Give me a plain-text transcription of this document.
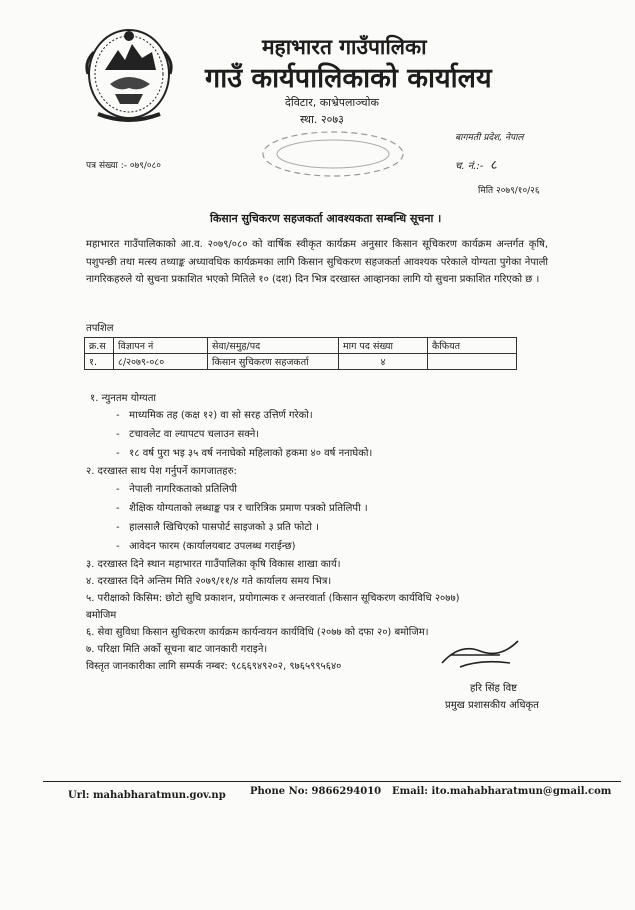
महाभारत गाउँपालिका
गाउँ कार्यपालिकाको कार्यालय
देविटार, काभ्रेपलाञ्चोक
स्था. २०७३
बागमती प्रदेश, नेपाल
पत्र संख्या :- ०७९/०८०	च. नं.:- ८
मिति २०७९/१०/२६
किसान सुचिकरण सहजकर्ता आवश्यकता सम्बन्धि सूचना ।
महाभारत गाउँपालिकाको आ.व. २०७९/०८० को वार्षिक स्वीकृत कार्यक्रम अनुसार किसान सूचिकरण कार्यक्रम अन्तर्गत कृषि, पशुपन्छी तथा मत्स्य तथ्याङ्क अध्यावधिक कार्यक्रमका लागि किसान सुचिकरण सहजकर्ता आवश्यक परेकाले योग्यता पुगेका नेपाली नागरिकहरुले यो सुचना प्रकाशित भएको मितिले १० (दश) दिन भित्र दरखास्त आव्हानका लागि यो सुचना प्रकाशित गरिएको छ ।
तपशिल
क्र.स	विज्ञापन नं	सेवा/समुह/पद	माग पद संख्या	कैफियत
१.	८/२०७९-०८०	किसान सुचिकरण सहजकर्ता	४	
१. न्युनतम योग्यता
-   माध्यमिक तह (कक्ष १२) वा सो सरह उत्तिर्ण गरेको।
-   टचावलेट वा ल्यापटप चलाउन सक्ने।
-   १८ वर्ष पुरा भइ ३५ वर्ष ननाघेको महिलाको हकमा ४० वर्ष ननाघेको।
२. दरखास्त साथ पेश गर्नुपर्ने कागजातहरु:
-   नेपाली नागरिकताको प्रतिलिपी
-   शैक्षिक योग्यताको लब्धाङ्क पत्र र चारित्रिक प्रमाण पत्रको प्रतिलिपी ।
-   हालसालै खिचिएको पासपोर्ट साइजको ३ प्रति फोटो ।
-   आवेदन फारम (कार्यालयबाट उपलब्ध गराईन्छ)
३. दरखास्त दिने स्थान महाभारत गाउँपालिका कृषि विकास शाखा कार्य।
४. दरखास्त दिने अन्तिम मिति २०७९/११/४ गते कार्यालय समय भित्र।
५. परीक्षाको किसिम: छोटो सुचि प्रकाशन, प्रयोगात्मक र अन्तरवार्ता (किसान सूचिकरण कार्यविधि २०७७)
बमोजिम
६. सेवा सुविधा किसान सुचिकरण कार्यक्रम कार्यन्वयन कार्यविधि (२०७७ को दफा २०) बमोजिम।
७. परिक्षा मिति अर्को सूचना बाट जानकारी गराइने।
विस्तृत जानकारीका लागि सम्पर्क नम्बर: ९८६६९४९२०२, ९७६५९९५६४०
हरि सिंह विष्ट
प्रमुख प्रशासकीय अधिकृत
Url: mahabharatmun.gov.np Phone No: 9866294010 Email: ito.mahabharatmun@gmail.com
